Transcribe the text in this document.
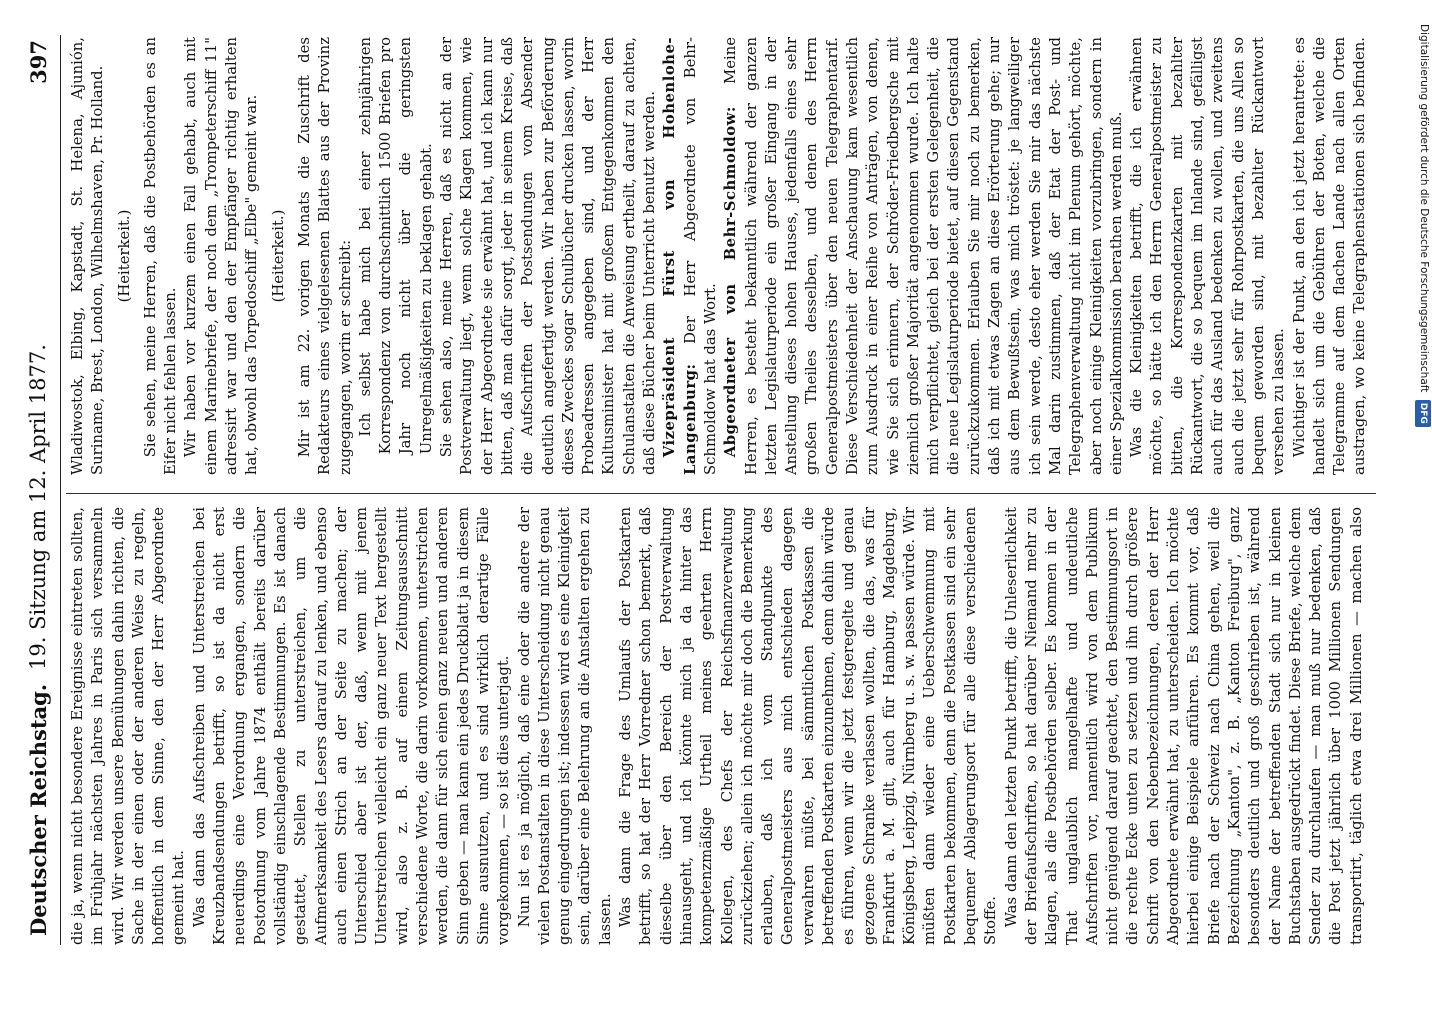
Deutscher Reichstag.
19. Sitzung am 12. April 1877.
397

die ja, wenn nicht besondere Ereignisse eintreten sollten, im Frühjahr nächsten Jahres in Paris sich versammeln wird. Wir werden unsere Bemühungen dahin richten, die Sache in der einen oder der anderen Weise zu regeln, hoffentlich in dem Sinne, den der Herr Abgeordnete gemeint hat. Was dann das Aufschreiben und Unterstreichen bei Kreuzbandsendungen betrifft, so ist da nicht erst neuerdings eine Verordnung ergangen, sondern die Postordnung vom Jahre 1874 enthält bereits darüber vollständig einschlagende Bestimmungen. Es ist danach gestattet, Stellen zu unterstreichen, um die Aufmerksamkeit des Lesers darauf zu lenken, und ebenso auch einen Strich an der Seite zu machen; der Unterschied aber ist der, daß, wenn mit jenem Unterstreichen vielleicht ein ganz neuer Text hergestellt wird, also z. B. auf einem Zeitungsausschnitt verschiedene Worte, die darin vorkommen, unterstrichen werden, die dann für sich einen ganz neuen und anderen Sinn geben — man kann ein jedes Druckblatt ja in diesem Sinne ausnutzen, und es sind wirklich derartige Fälle vorgekommen, — so ist dies unterjagt. Nun ist es ja möglich, daß eine oder die andere der vielen Postanstalten in diese Unterscheidung nicht genau genug eingedrungen ist; indessen wird es eine Kleinigkeit sein, darüber eine Belehrung an die Anstalten ergehen zu lassen. Was dann die Frage des Umlaufs der Postkarten betrifft, so hat der Herr Vorredner schon bemerkt, daß dieselbe über den Bereich der Postverwaltung hinausgeht, und ich könnte mich ja da hinter das kompetenzmäßige Urtheil meines geehrten Herrn Kollegen, des Chefs der Reichsfinanzverwaltung zurückziehen; allein ich möchte mir doch die Bemerkung erlauben, daß ich vom Standpunkte des Generalpostmeisters aus mich entschieden dagegen verwahren müßte, bei sämmtlichen Postkassen die betreffenden Postkarten einzunehmen, denn dahin würde es führen, wenn wir die jetzt festgeregelte und genau gezogene Schranke verlassen wollten, die das, was für Frankfurt a. M. gilt, auch für Hamburg, Magdeburg, Königsberg, Leipzig, Nürnberg u. s. w. passen würde. Wir müßten dann wieder eine Ueberschwemmung mit Postkarten bekommen, denn die Postkassen sind ein sehr bequemer Ablagerungsort für alle diese verschiedenen Stoffe. Was dann den letzten Punkt betrifft, die Unleserlichkeit der Briefaufschriften, so hat darüber Niemand mehr zu klagen, als die Postbehörden selber. Es kommen in der That unglaublich mangelhafte und undeutliche Aufschriften vor, namentlich wird von dem Publikum nicht genügend darauf geachtet, den Bestimmungsort in die rechte Ecke unten zu setzen und ihn durch größere Schrift von den Nebenbezeichnungen, deren der Herr Abgeordnete erwähnt hat, zu unterscheiden. Ich möchte hierbei einige Beispiele anführen. Es kommt vor, daß Briefe nach der Schweiz nach China gehen, weil die Bezeichnung „Kanton", z. B. „Kanton Freiburg", ganz besonders deutlich und groß geschrieben ist, während der Name der betreffenden Stadt sich nur in kleinen Buchstaben ausgedrückt findet. Diese Briefe, welche dem Sender zu durchlaufen — man muß nur bedenken, daß die Post jetzt jährlich über 1000 Millionen Sendungen transportirt, täglich etwa drei Millionen — machen also

Wladiwostok, Elbing, Kapstadt, St. Helena, Ajunión, Suriname, Brest, London, Wilhelmshaven, Pr. Holland. (Heiterkeit.) Sie sehen, meine Herren, daß die Postbehörden es an Eifer nicht fehlen lassen. Wir haben vor kurzem einen Fall gehabt, auch mit einem Marinebriefe, der noch dem „Trompeterschiff 11" adressirt war und den der Empfänger richtig erhalten hat, obwohl das Torpedoschiff „Elbe" gemeint war. (Heiterkeit.) Mir ist am 22. vorigen Monats die Zuschrift des Redakteurs eines vielgelesenen Blattes aus der Provinz zugegangen, worin er schreibt: Ich selbst habe mich bei einer zehnjährigen Korrespondenz von durchschnittlich 1500 Briefen pro Jahr noch nicht über die geringsten Unregelmäßigkeiten zu beklagen gehabt. Sie sehen also, meine Herren, daß es nicht an der Postverwaltung liegt, wenn solche Klagen kommen, wie der Herr Abgeordnete sie erwähnt hat, und ich kann nur bitten, daß man dafür sorgt, jeder in seinem Kreise, daß die Aufschriften der Postsendungen vom Absender deutlich angefertigt werden. Wir haben zur Beförderung dieses Zweckes sogar Schulbücher drucken lassen, worin Probeadressen angegeben sind, und der Herr Kultusminister hat mit großem Entgegenkommen den Schulanstalten die Anweisung ertheilt, darauf zu achten, daß diese Bücher beim Unterricht benutzt werden. Vizepräsident Fürst von Hohenlohe-Langenburg: Der Herr Abgeordnete von Behr-Schmoldow hat das Wort. Abgeordneter von Behr-Schmoldow: Meine Herren, es besteht bekanntlich während der ganzen letzten Legislaturperiode ein großer Eingang in der Anstellung dieses hohen Hauses, jedenfalls eines sehr großen Theiles desselben, und denen des Herrn Generalpostmeisters über den neuen Telegraphentarif. Diese Verschiedenheit der Anschauung kam wesentlich zum Ausdruck in einer Reihe von Anträgen, von denen, wie Sie sich erinnern, der Schröder-Friedbergsche mit ziemlich großer Majorität angenommen wurde. Ich halte mich verpflichtet, gleich bei der ersten Gelegenheit, die die neue Legislaturperiode bietet, auf diesen Gegenstand zurückzukommen. Erlauben Sie mir noch zu bemerken, daß ich mit etwas Zagen an diese Erörterung gehe; nur aus dem Bewußtsein, was mich tröstet: je langweiliger ich sein werde, desto eher werden Sie mir das nächste Mal darin zustimmen, daß der Etat der Post- und Telegraphenverwaltung nicht im Plenum gehört, möchte, aber noch einige Kleinigkeiten vorzubringen, sondern in einer Spezialkommission berathen werden muß. Was die Kleinigkeiten betrifft, die ich erwähnen möchte, so hätte ich den Herrn Generalpostmeister zu bitten, die Korrespondenzkarten mit bezahlter Rückantwort, die so bequem im Inlande sind, gefälligst auch für das Ausland bedenken zu wollen, und zweitens auch die jetzt sehr für Rohrpostkarten, die uns Allen so bequem geworden sind, mit bezahlter Rückantwort versehen zu lassen. Wichtiger ist der Punkt, an den ich jetzt herantrete: es handelt sich um die Gebühren der Boten, welche die Telegramme auf dem flachen Lande nach allen Orten austragen, wo keine Telegraphenstationen sich befinden.	Digitalisierung gefördert durch die Deutsche Forschungsgemeinschaft DFG
